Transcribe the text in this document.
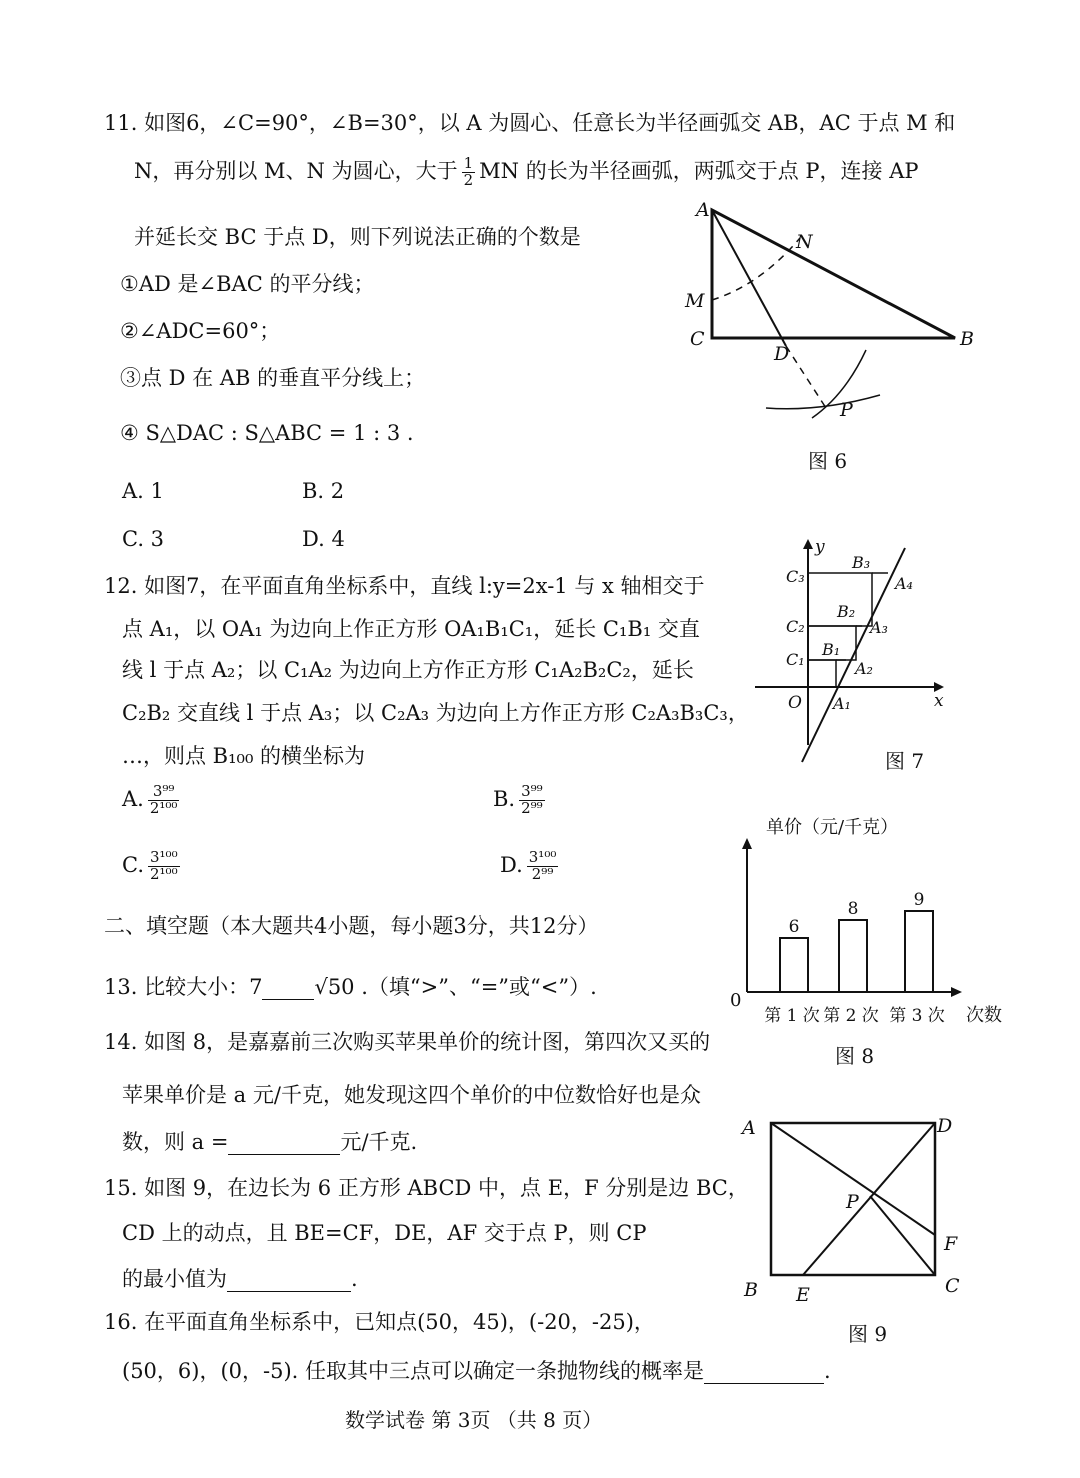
11. 如图6，∠C=90°，∠B=30°，以 A 为圆心、任意长为半径画弧交 AB，AC 于点 M 和
N，再分别以 M、N 为圆心，大于 $\frac{1}{2}$ MN 的长为半径画弧，两弧交于点 P，连接 AP
并延长交 BC 于点 D，则下列说法正确的个数是
①AD 是∠BAC 的平分线；
②∠ADC=60°；
③点 D 在 AB 的垂直平分线上；
④ S△DAC : S△ABC = 1 : 3 .
A. 1	B. 2
C. 3	D. 4
A
C	B
M
N
D
P
图 6
12. 如图7，在平面直角坐标系中，直线 l:y=2x-1 与 x 轴相交于
点 A₁，以 OA₁ 为边向上作正方形 OA₁B₁C₁，延长 C₁B₁ 交直
线 l 于点 A₂；以 C₁A₂ 为边向上方作正方形 C₁A₂B₂C₂，延长
C₂B₂ 交直线 l 于点 A₃；以 C₂A₃ 为边向上方作正方形 C₂A₃B₃C₃，
…，则点 B₁₀₀ 的横坐标为
A. $\frac{\text{3⁹⁹}}{\text{2¹⁰⁰}}$	B. $\frac{\text{3⁹⁹}}{\text{2⁹⁹}}$
C. $\frac{\text{3¹⁰⁰}}{\text{2¹⁰⁰}}$	D. $\frac{\text{3¹⁰⁰}}{\text{2⁹⁹}}$
y
x
O A₁
A₂
A₃
A₄
B₁
B₂
B₃
C₁
C₂
C₃
图 7
二、填空题（本大题共4小题，每小题3分，共12分）
13. 比较大小：7 √50 .（填“>”、“=”或“<”）.
14. 如图 8，是嘉嘉前三次购买苹果单价的统计图，第四次又买的
苹果单价是 a 元/千克，她发现这四个单价的中位数恰好也是众
数，则 a =	元/千克.
单价（元/千克）
次数
0
图 8
6
第 1 次
8
第 2 次
9
第 3 次
15. 如图 9，在边长为 6 正方形 ABCD 中，点 E，F 分别是边 BC，
CD 上的动点，且 BE=CF，DE，AF 交于点 P，则 CP
的最小值为	.
A	D
B E	C
F
P
图 9
16. 在平面直角坐标系中，已知点(50，45)，(-20，-25)，
(50，6)，(0，-5). 任取其中三点可以确定一条抛物线的概率是	.
数学试卷 第 3页 （共 8 页）
